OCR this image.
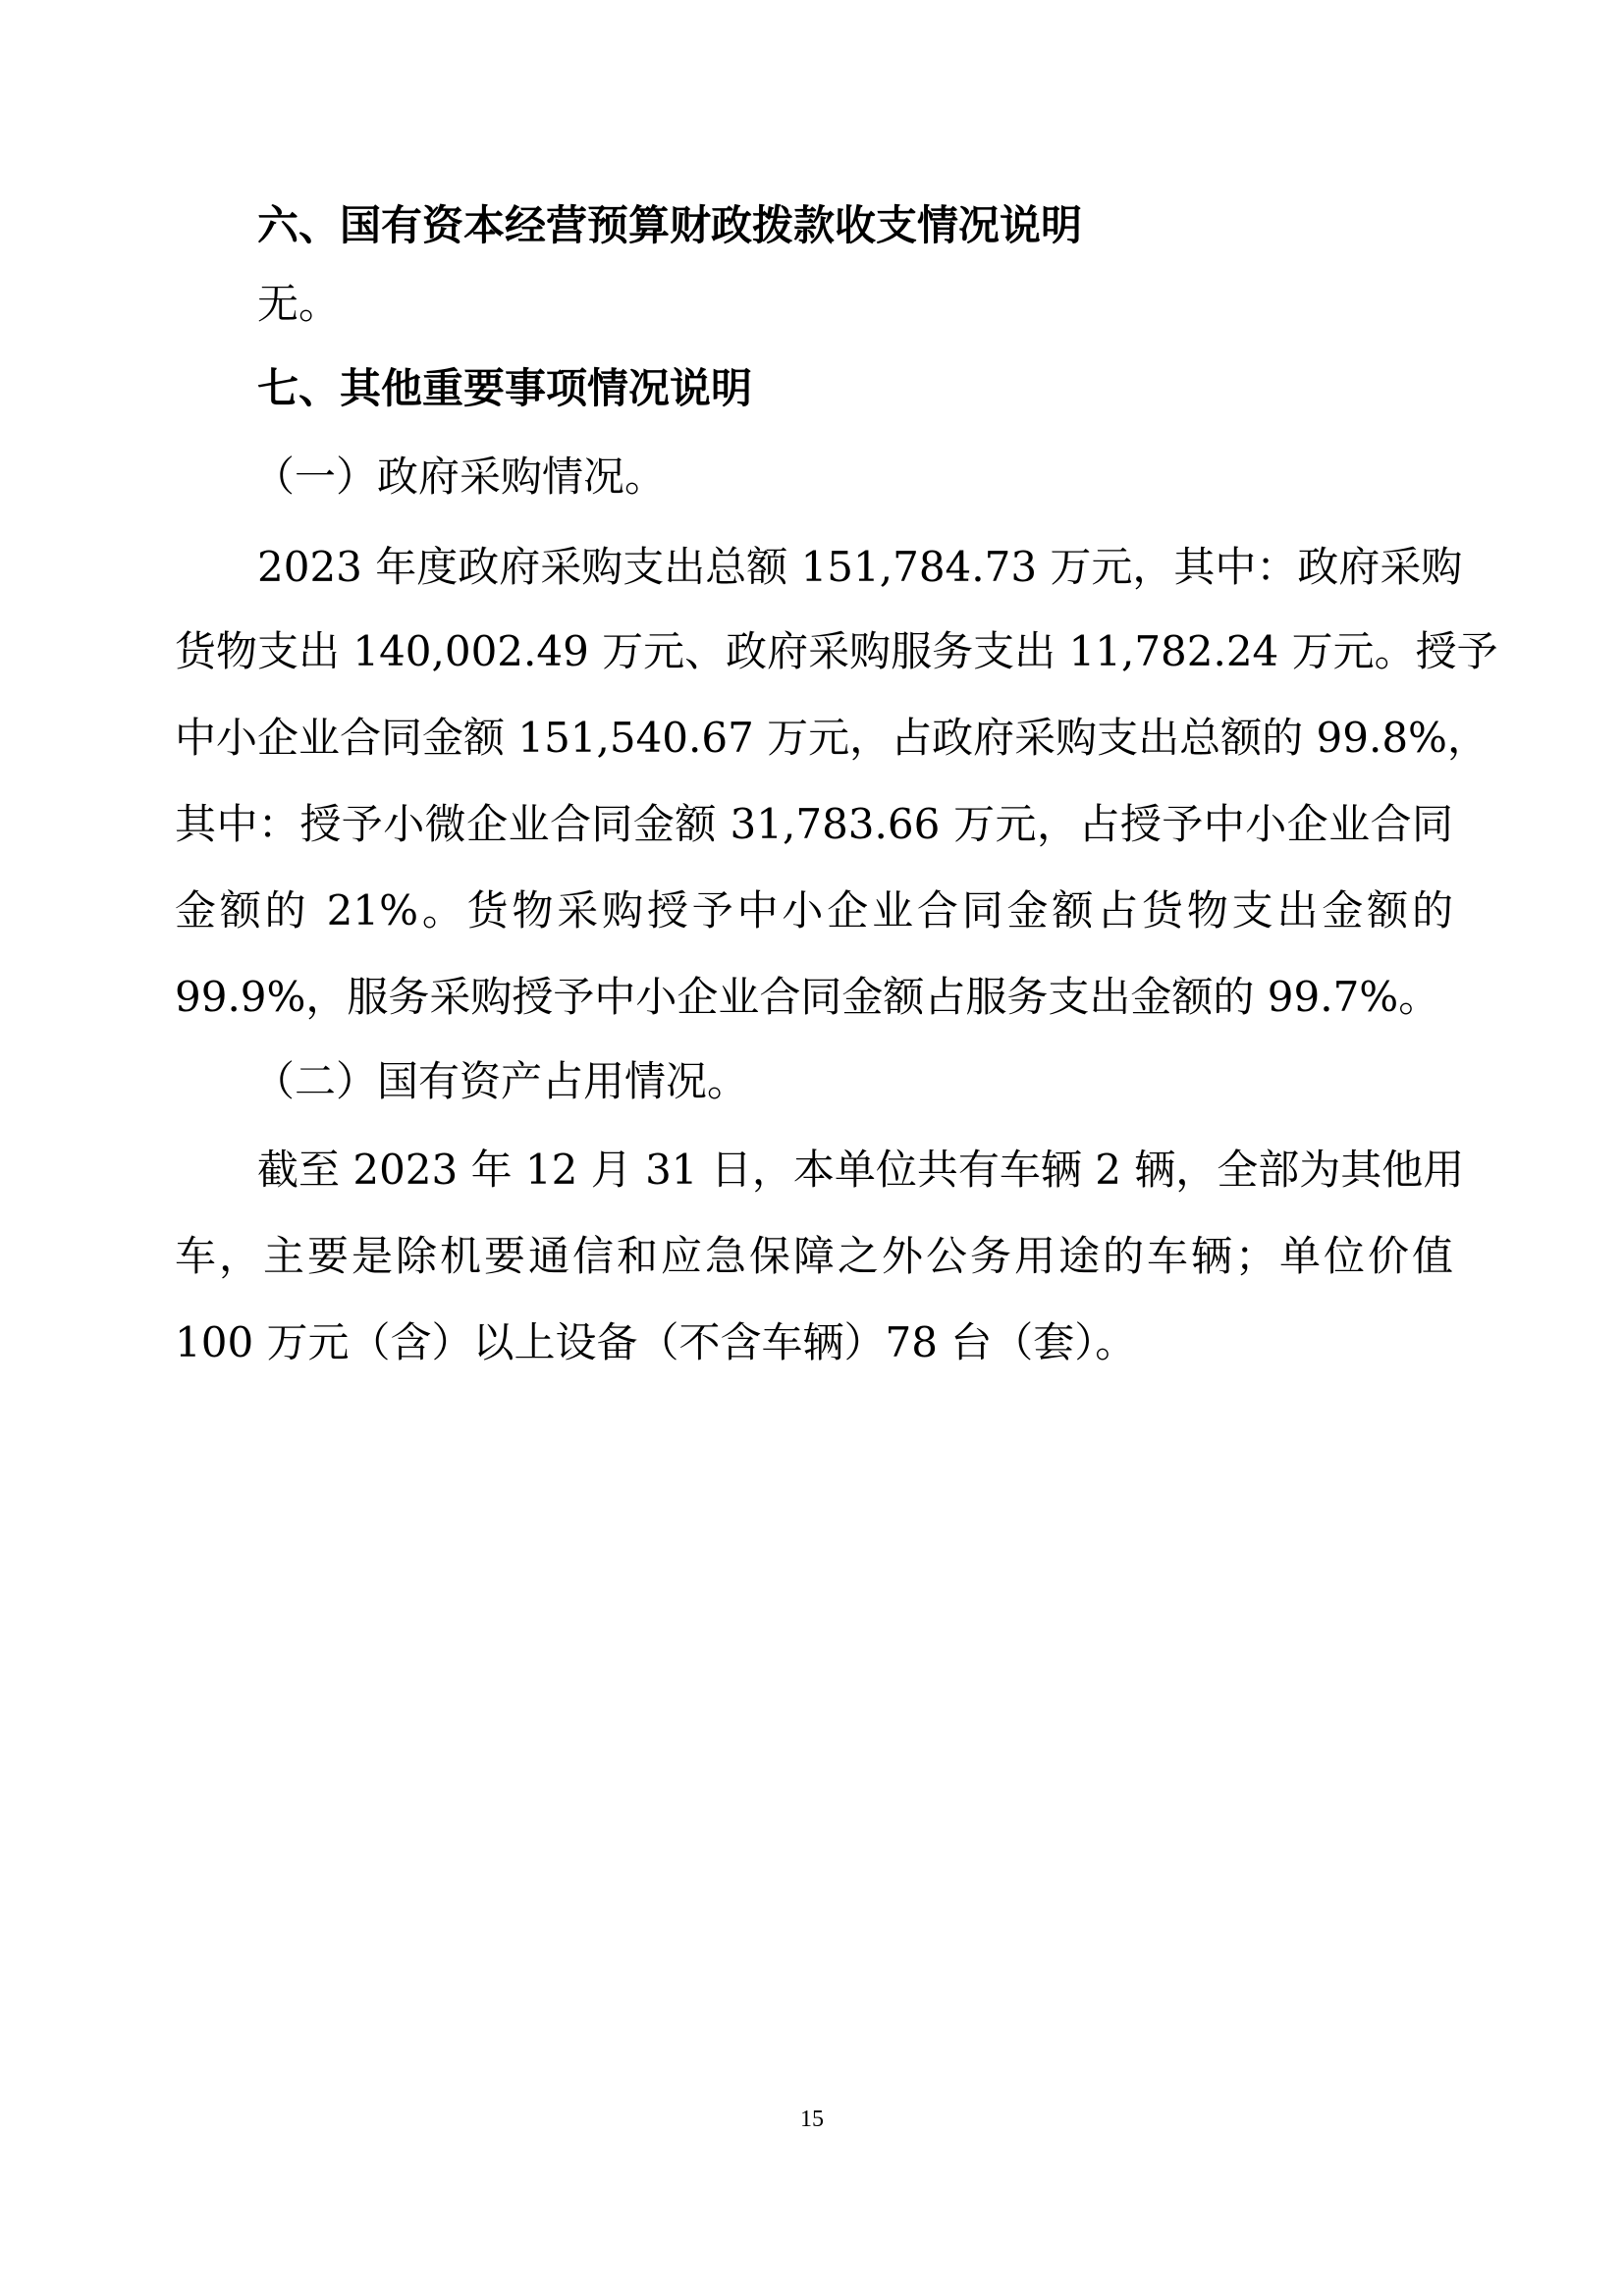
六、国有资本经营预算财政拨款收支情况说明
无。
七、其他重要事项情况说明
（一）政府采购情况。
2023 年度政府采购支出总额 151,784.73 万元，其中：政府采购
货物支出 140,002.49 万元、政府采购服务支出 11,782.24 万元。授予
中小企业合同金额 151,540.67 万元，占政府采购支出总额的 99.8%，
其中：授予小微企业合同金额 31,783.66 万元，占授予中小企业合同
金额的 21%。货物采购授予中小企业合同金额占货物支出金额的
99.9%，服务采购授予中小企业合同金额占服务支出金额的 99.7%。
（二）国有资产占用情况。
截至 2023 年 12 月 31 日，本单位共有车辆 2 辆，全部为其他用
车，主要是除机要通信和应急保障之外公务用途的车辆；单位价值
100 万元（含）以上设备（不含车辆）78 台（套）。
15
